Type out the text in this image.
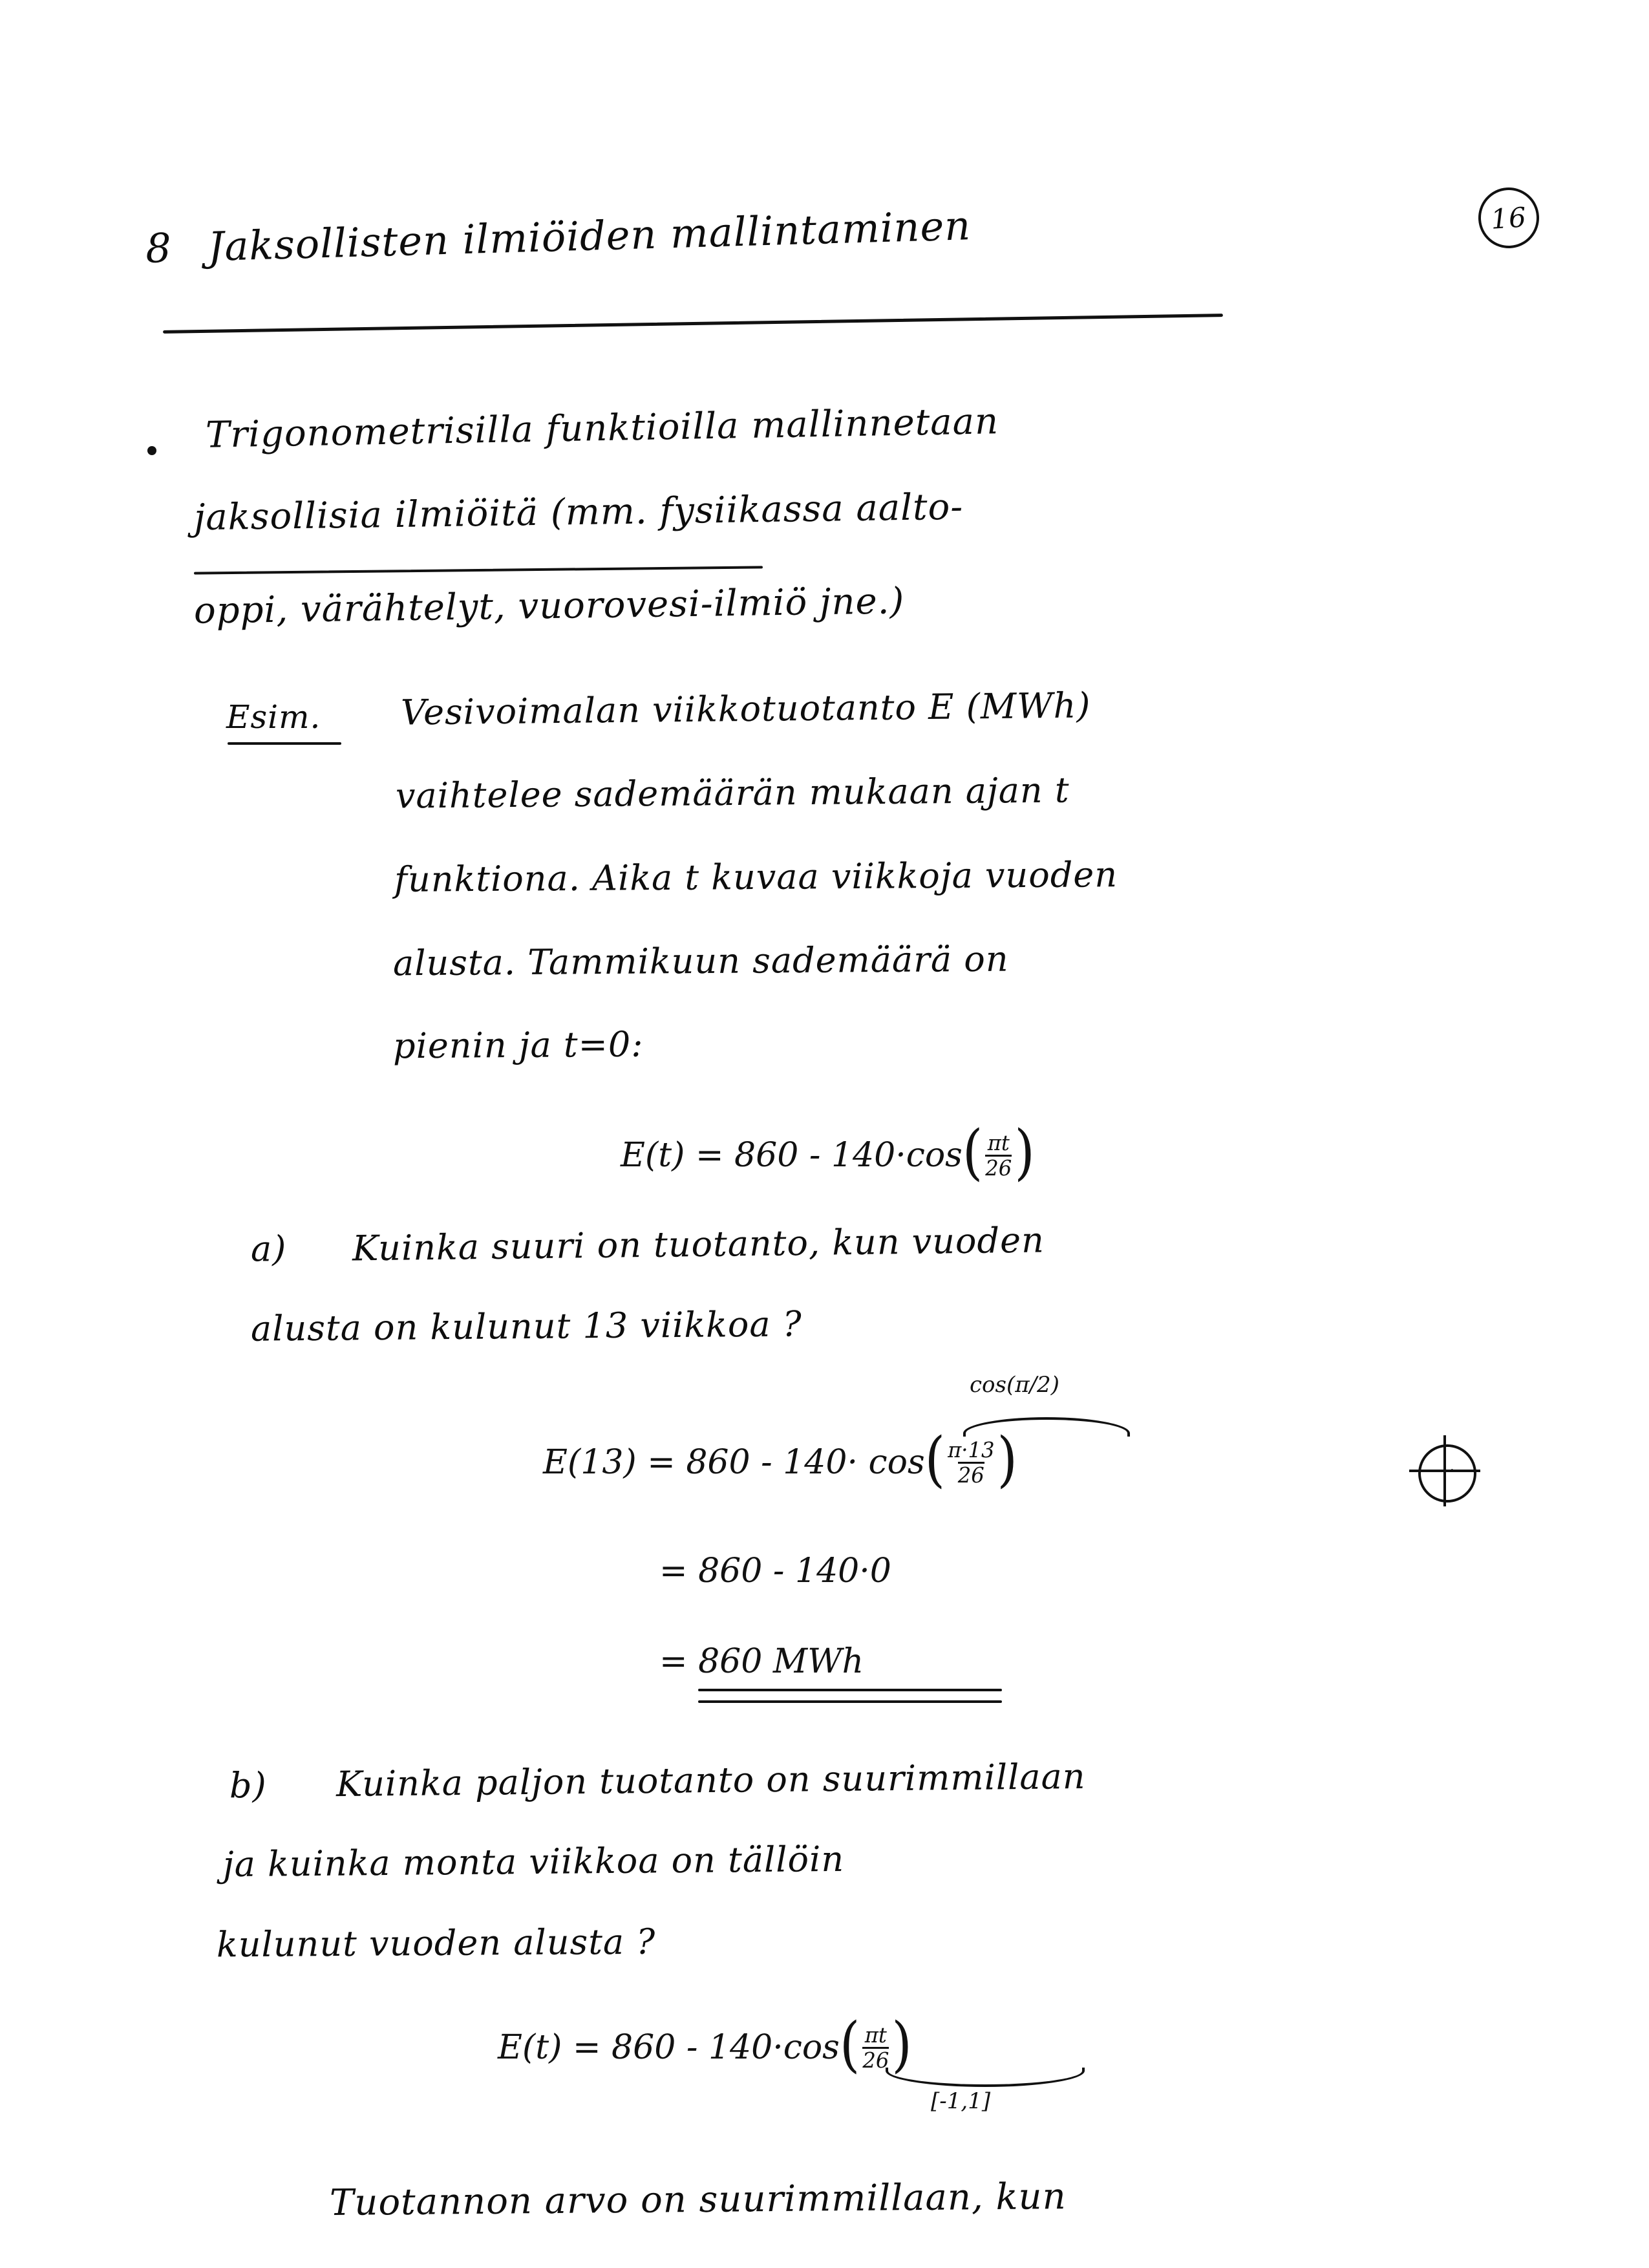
16
8 Jaksollisten ilmiöiden mallintaminen
Trigonometrisilla funktioilla mallinnetaan
jaksollisia ilmiöitä (mm. fysiikassa aalto-
oppi, värähtelyt, vuorovesi-ilmiö jne.)
Esim. Vesivoimalan viikkotuotanto E (MWh)
vaihtelee sademäärän mukaan ajan t
funktiona. Aika t kuvaa viikkoja vuoden
alusta. Tammikuun sademäärä on
pienin ja t=0:
$E(t) = 860 - 140\cdot\cos( \frac{\pi t}{26}$ )
a) Kuinka suuri on tuotanto, kun vuoden
alusta on kulunut 13 viikkoa ?
cos(π/2)
$E(13) = 860 - 140\cdot \cos( \frac{\pi\cdot 13}{26}$ )
= 860 - 140·0
= 860 MWh
·
b) Kuinka paljon tuotanto on suurimmillaan
ja kuinka monta viikkoa on tällöin
kulunut vuoden alusta ?
$E(t) = 860 - 140\cdot\cos( \frac{\pi t}{26}$ )
[-1,1]
Tuotannon arvo on suurimmillaan, kun
